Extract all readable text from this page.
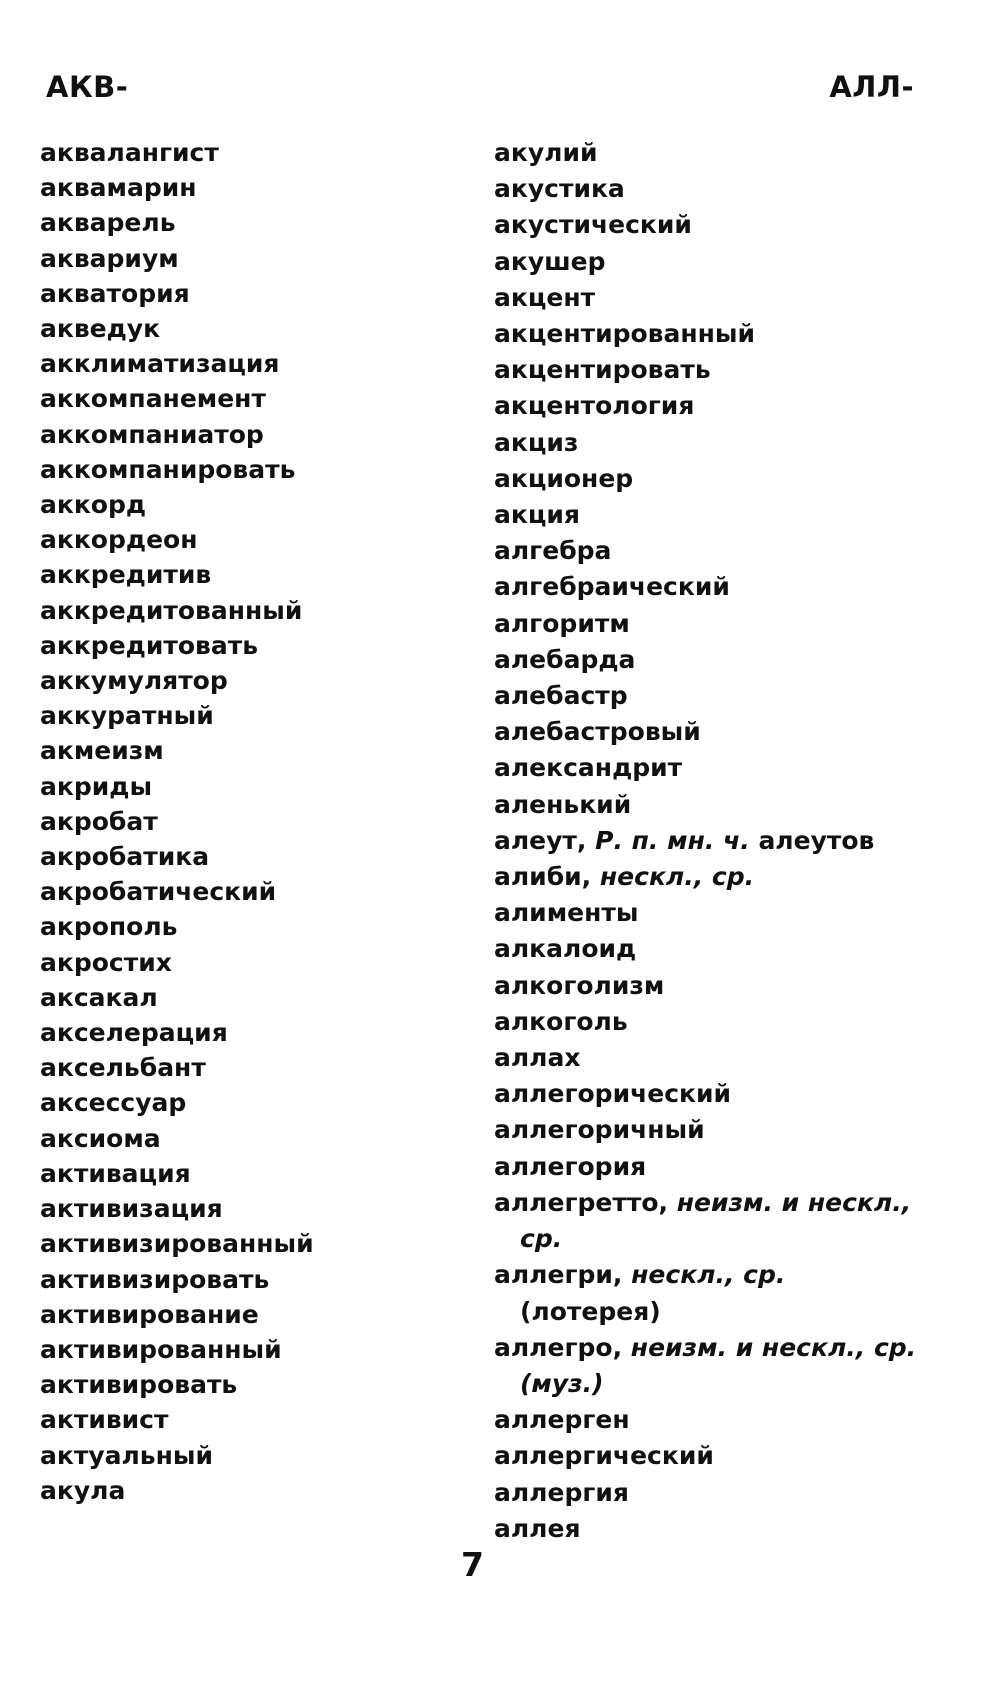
АКВ-	АЛЛ-
аквалангист
аквамарин
акварель
аквариум
акватория
акведук
акклиматизация
аккомпанемент
аккомпаниатор
аккомпанировать
аккорд
аккордеон
аккредитив
аккредитованный
аккредитовать
аккумулятор
аккуратный
акмеизм
акриды
акробат
акробатика
акробатический
акрополь
акростих
аксакал
акселерация
аксельбант
аксессуар
аксиома
активация
активизация
активизированный
активизировать
активирование
активированный
активировать
активист
актуальный
акула
акулий
акустика
акустический
акушер
акцент
акцентированный
акцентировать
акцентология
акциз
акционер
акция
алгебра
алгебраический
алгоритм
алебарда
алебастр
алебастровый
александрит
аленький
алеут, Р. п. мн. ч. алеутов
алиби, нескл., ср.
алименты
алкалоид
алкоголизм
алкоголь
аллах
аллегорический
аллегоричный
аллегория
аллегретто, неизм. и нескл., ср.
аллегри, нескл., ср. (лотерея)
аллегро, неизм. и нескл., ср. (муз.)
аллерген
аллергический
аллергия
аллея
7
